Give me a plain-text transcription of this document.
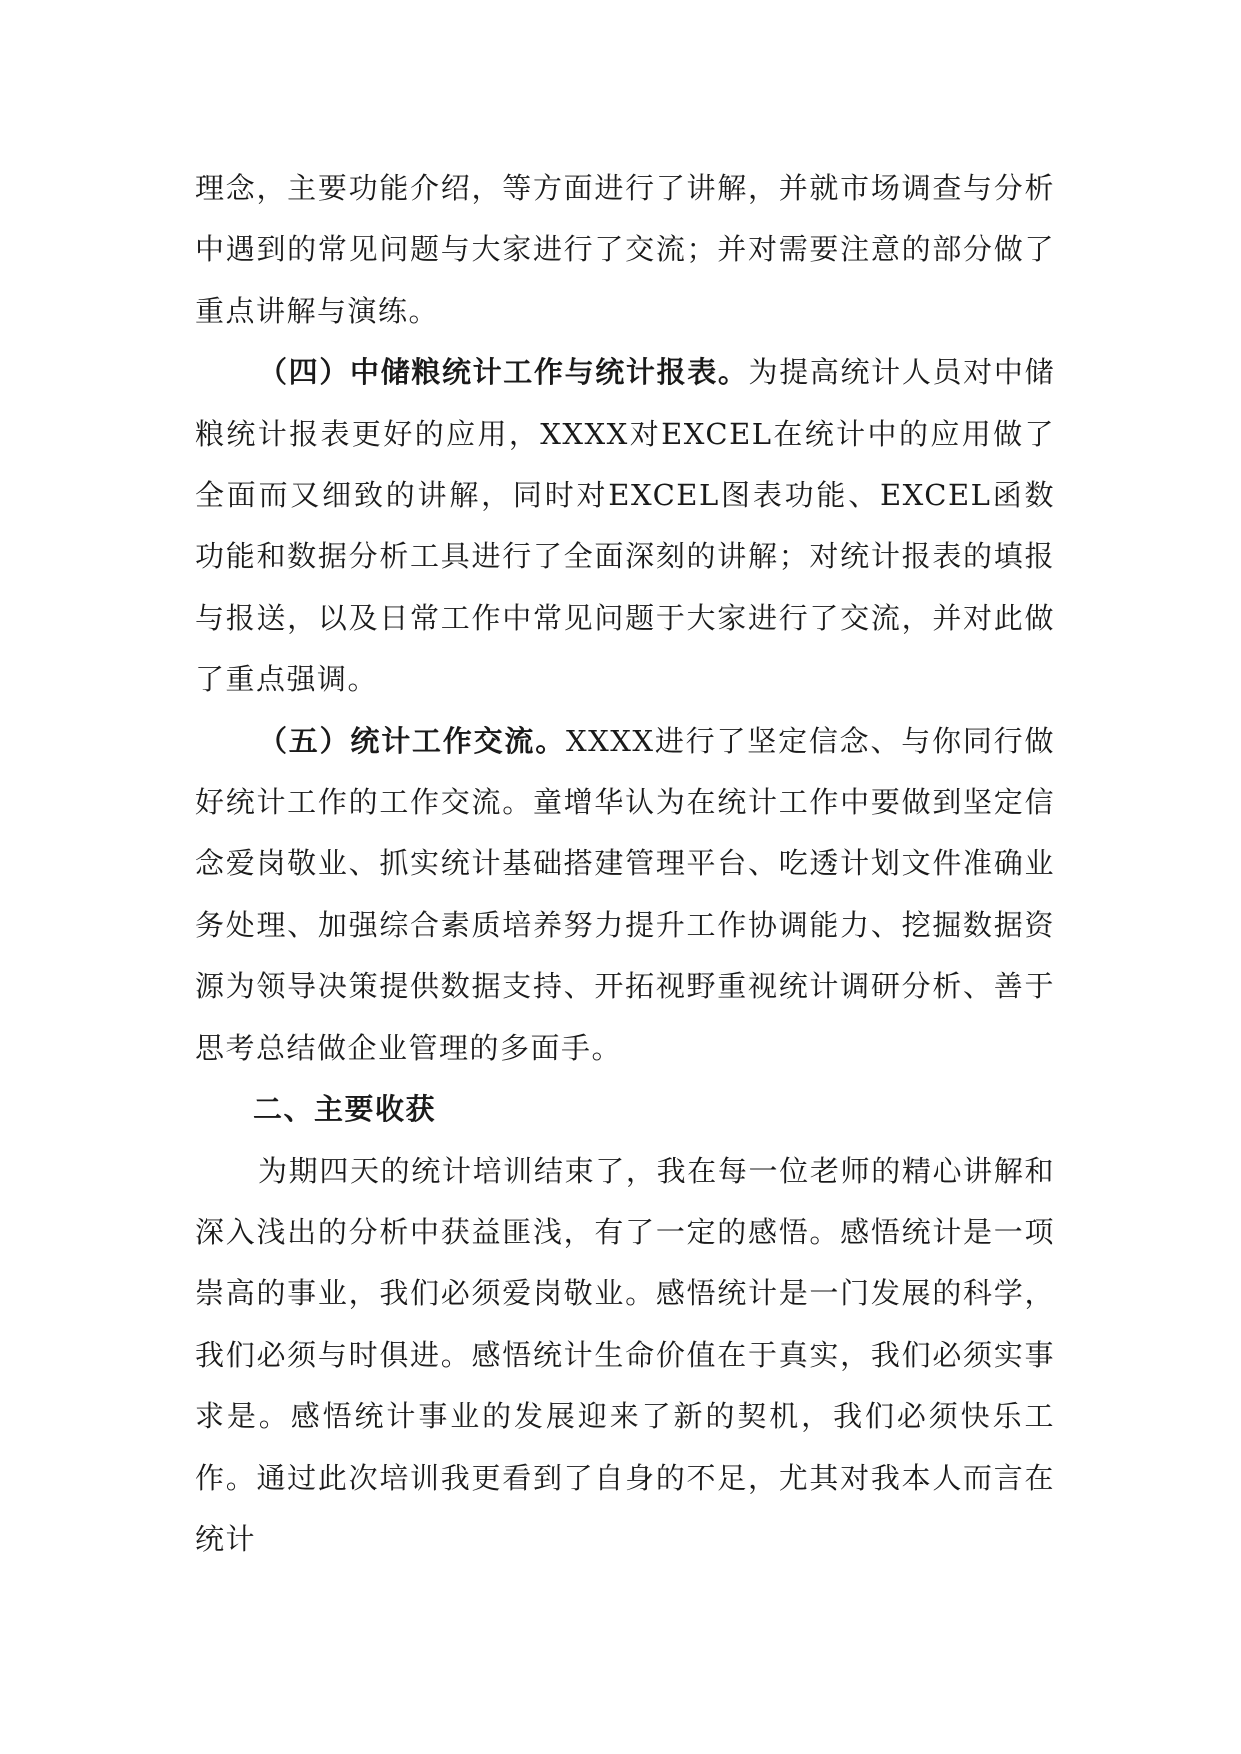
理念，主要功能介绍，等方面进行了讲解，并就市场调查与分析中遇到的常见问题与大家进行了交流；并对需要注意的部分做了重点讲解与演练。

（四）中储粮统计工作与统计报表。为提高统计人员对中储粮统计报表更好的应用，XXXX对EXCEL在统计中的应用做了全面而又细致的讲解，同时对EXCEL图表功能、EXCEL函数功能和数据分析工具进行了全面深刻的讲解；对统计报表的填报与报送，以及日常工作中常见问题于大家进行了交流，并对此做了重点强调。

（五）统计工作交流。XXXX进行了坚定信念、与你同行做好统计工作的工作交流。童增华认为在统计工作中要做到坚定信念爱岗敬业、抓实统计基础搭建管理平台、吃透计划文件准确业务处理、加强综合素质培养努力提升工作协调能力、挖掘数据资源为领导决策提供数据支持、开拓视野重视统计调研分析、善于思考总结做企业管理的多面手。

二、主要收获

为期四天的统计培训结束了，我在每一位老师的精心讲解和深入浅出的分析中获益匪浅，有了一定的感悟。感悟统计是一项崇高的事业，我们必须爱岗敬业。感悟统计是一门发展的科学，我们必须与时俱进。感悟统计生命价值在于真实，我们必须实事求是。感悟统计事业的发展迎来了新的契机，我们必须快乐工作。通过此次培训我更看到了自身的不足，尤其对我本人而言在统计
